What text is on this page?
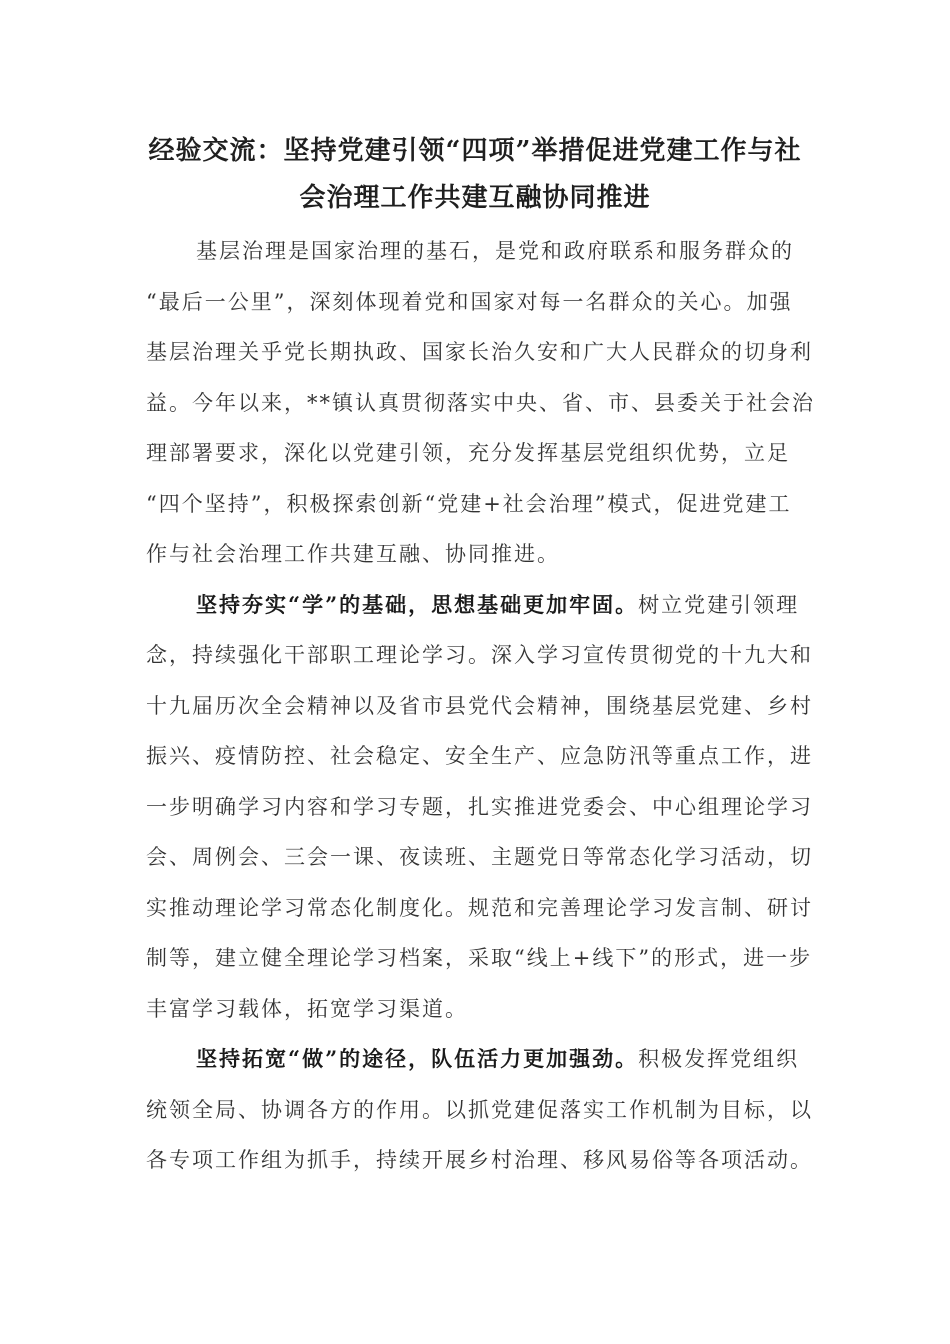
经验交流：坚持党建引领“四项”举措促进党建工作与社
会治理工作共建互融协同推进
基层治理是国家治理的基石，是党和政府联系和服务群众的
“最后一公里”，深刻体现着党和国家对每一名群众的关心。加强
基层治理关乎党长期执政、国家长治久安和广大人民群众的切身利
益。今年以来，**镇认真贯彻落实中央、省、市、县委关于社会治
理部署要求，深化以党建引领，充分发挥基层党组织优势，立足
“四个坚持”，积极探索创新“党建+社会治理”模式，促进党建工
作与社会治理工作共建互融、协同推进。
坚持夯实“学”的基础，思想基础更加牢固。树立党建引领理
念，持续强化干部职工理论学习。深入学习宣传贯彻党的十九大和
十九届历次全会精神以及省市县党代会精神，围绕基层党建、乡村
振兴、疫情防控、社会稳定、安全生产、应急防汛等重点工作，进
一步明确学习内容和学习专题，扎实推进党委会、中心组理论学习
会、周例会、三会一课、夜读班、主题党日等常态化学习活动，切
实推动理论学习常态化制度化。规范和完善理论学习发言制、研讨
制等，建立健全理论学习档案，采取“线上+线下”的形式，进一步
丰富学习载体，拓宽学习渠道。
坚持拓宽“做”的途径，队伍活力更加强劲。积极发挥党组织
统领全局、协调各方的作用。以抓党建促落实工作机制为目标，以
各专项工作组为抓手，持续开展乡村治理、移风易俗等各项活动。
